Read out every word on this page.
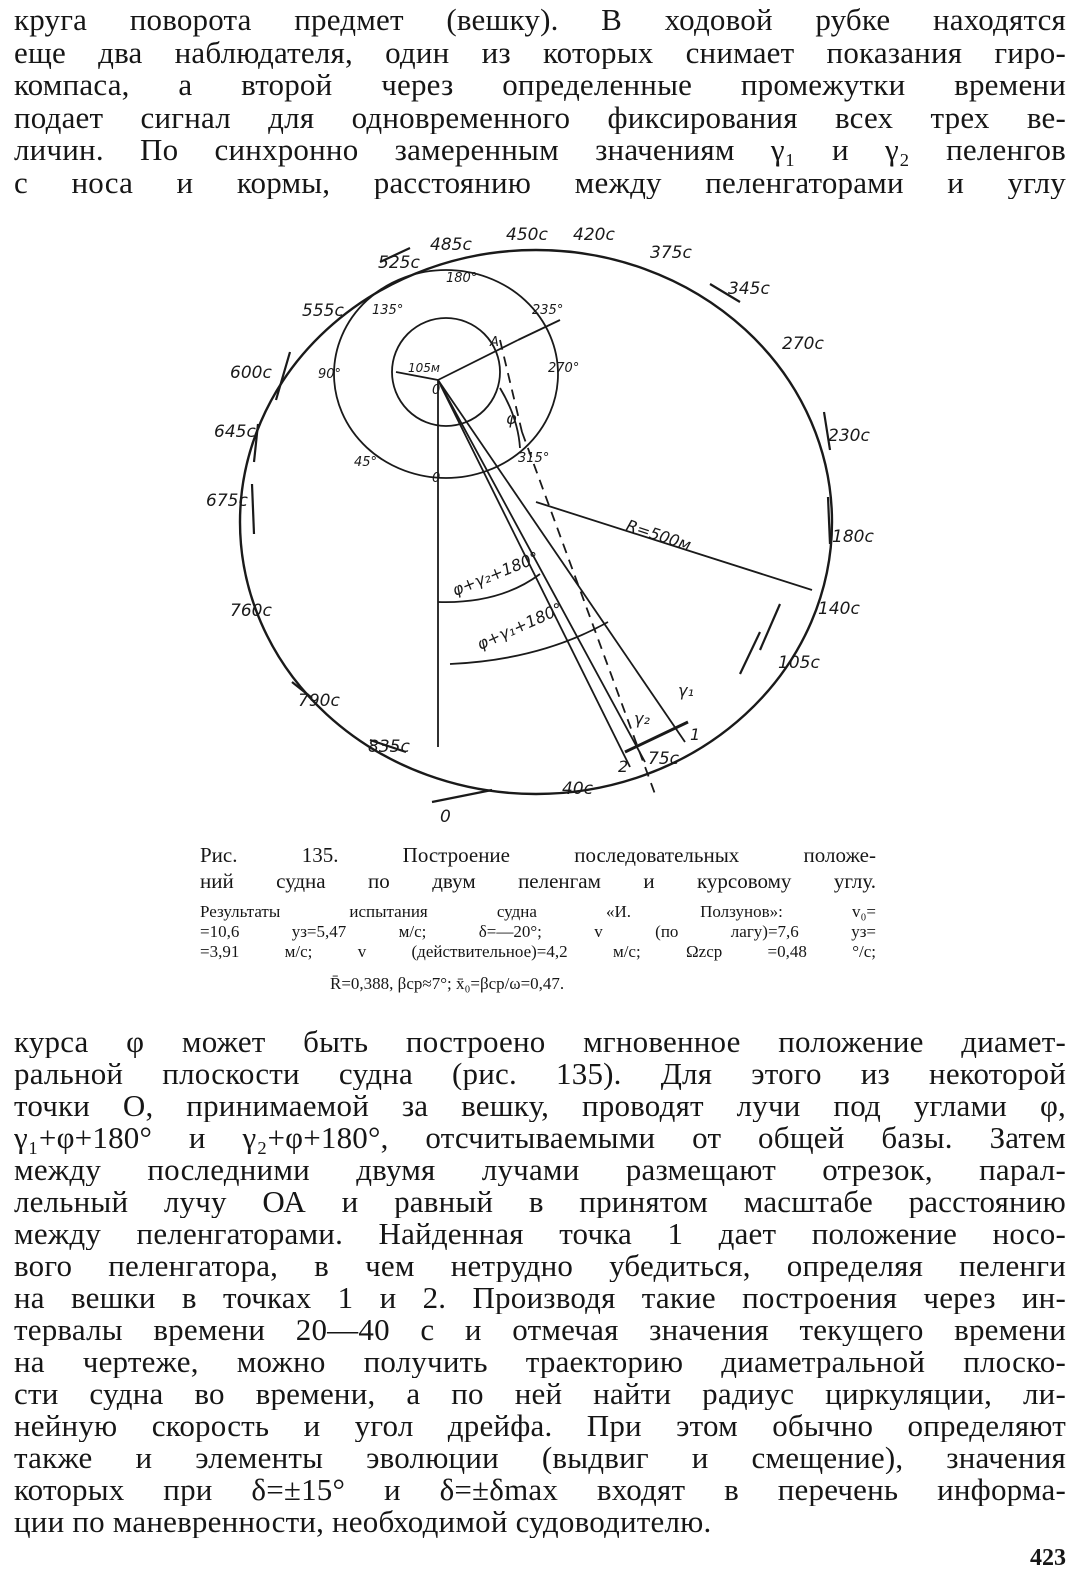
круга поворота предмет (вешку). В ходовой рубке находятся
еще два наблюдателя, один из которых снимает показания гиро-
компаса, а второй через определенные промежутки времени
подает сигнал для одновременного фиксирования всех трех ве-
личин. По синхронно замеренным значениям γ₁ и γ₂ пеленгов
с носа и кормы, расстоянию между пеленгаторами и углу
485c 450c 420c
375c
525c
345c
555c
270c
600c
645c	230c
675c
180c
760c	140c
105c
790c
835c
75c
40c
0
180°
135°	235°
90°	270°
45°	315°
0
0
A
R=500м
105м
φ
φ+γ₂+180°
φ+γ₁+180°
γ₁
γ₂
1
2
Рис. 135. Построение последовательных положе-
ний судна по двум пеленгам и курсовому углу.
Результаты испытания судна «И. Ползунов»: v₀=
=10,6 уз=5,47 м/с; δ=—20°; v (по лагу)=7,6 уз=
=3,91 м/с; v (действительное)=4,2 м/с; Ωzср =0,48 °/с;
R̄=0,388, βср≈7°; x̄₀=βср/ω=0,47.
курса φ может быть построено мгновенное положение диамет-
ральной плоскости судна (рис. 135). Для этого из некоторой
точки О, принимаемой за вешку, проводят лучи под углами φ,
γ₁+φ+180° и γ₂+φ+180°, отсчитываемыми от общей базы. Затем
между последними двумя лучами размещают отрезок, парал-
лельный лучу ОА и равный в принятом масштабе расстоянию
между пеленгаторами. Найденная точка 1 дает положение носо-
вого пеленгатора, в чем нетрудно убедиться, определяя пеленги
на вешки в точках 1 и 2. Производя такие построения через ин-
тервалы времени 20—40 с и отмечая значения текущего времени
на чертеже, можно получить траекторию диаметральной плоско-
сти судна во времени, а по ней найти радиус циркуляции, ли-
нейную скорость и угол дрейфа. При этом обычно определяют
также и элементы эволюции (выдвиг и смещение), значения
которых при δ=±15° и δ=±δmax входят в перечень информа-
ции по маневренности, необходимой судоводителю.
423
